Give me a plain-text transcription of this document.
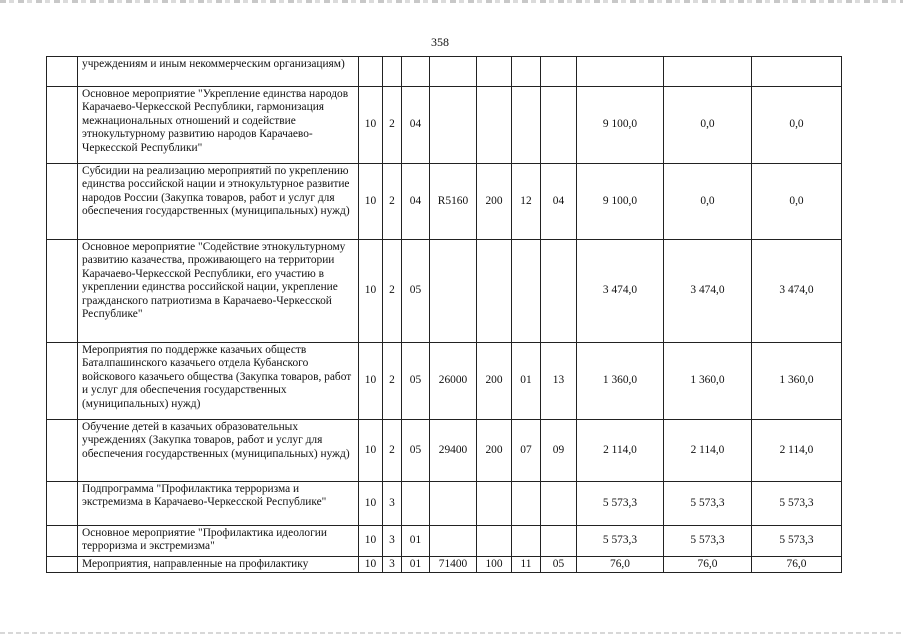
358
	учреждениям и иным некоммерческим организациям)										
	Основное мероприятие "Укрепление единства народов Карачаево-Черкесской Республики, гармонизация межнациональных отношений и содействие этнокультурному развитию народов Карачаево-Черкесской Республики"	10	2	04					9 100,0	0,0	0,0
	Субсидии на реализацию мероприятий по укреплению единства российской нации и этнокультурное развитие народов России (Закупка товаров, работ и услуг для обеспечения государственных (муниципальных) нужд)	10	2	04	R5160	200	12	04	9 100,0	0,0	0,0
	Основное мероприятие "Содействие этнокультурному развитию казачества, проживающего на территории Карачаево-Черкесской Республики, его участию в укреплении единства российской нации, укрепление гражданского патриотизма в Карачаево-Черкесской Республике"	10	2	05					3 474,0	3 474,0	3 474,0
	Мероприятия по поддержке казачьих обществ Баталпашинского казачьего отдела Кубанского войскового казачьего общества (Закупка товаров, работ и услуг для обеспечения государственных (муниципальных) нужд)	10	2	05	26000	200	01	13	1 360,0	1 360,0	1 360,0
	Обучение детей в казачьих образовательных учреждениях (Закупка товаров, работ и услуг для обеспечения государственных (муниципальных) нужд)	10	2	05	29400	200	07	09	2 114,0	2 114,0	2 114,0
	Подпрограмма "Профилактика терроризма и экстремизма в Карачаево-Черкесской Республике"	10	3						5 573,3	5 573,3	5 573,3
	Основное мероприятие "Профилактика идеологии терроризма и экстремизма"	10	3	01					5 573,3	5 573,3	5 573,3
	Мероприятия, направленные на профилактику	10	3	01	71400	100	11	05	76,0	76,0	76,0
